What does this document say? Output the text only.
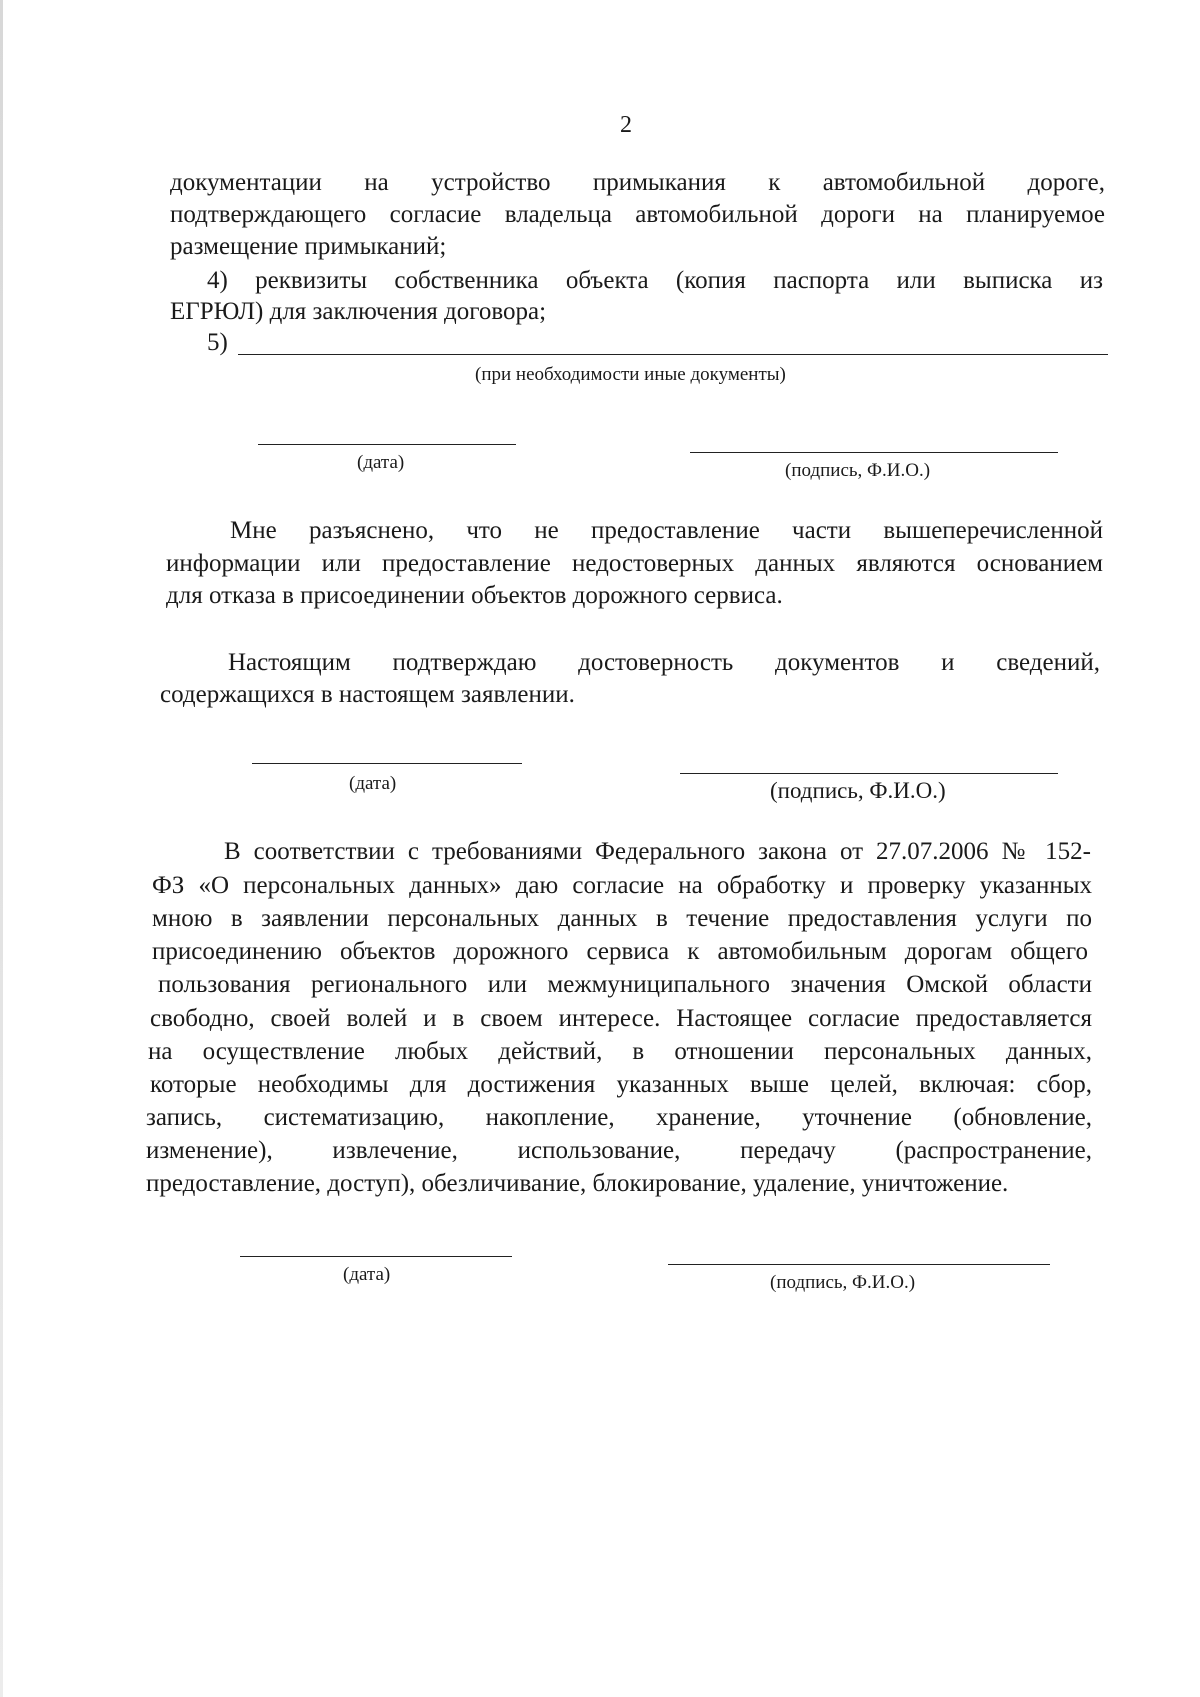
2
документации на устройство примыкания к автомобильной дороге,
подтверждающего согласие владельца автомобильной дороги на планируемое
размещение примыканий;
4) реквизиты собственника объекта (копия паспорта или выписка из
ЕГРЮЛ) для заключения договора;
5)
(при необходимости иные документы)
(дата)	(подпись, Ф.И.О.)
Мне разъяснено, что не предоставление части вышеперечисленной
информации или предоставление недостоверных данных являются основанием
для отказа в присоединении объектов дорожного сервиса.
Настоящим подтверждаю достоверность документов и сведений,
содержащихся в настоящем заявлении.
(дата)	(подпись, Ф.И.О.)
В соответствии с требованиями Федерального закона от 27.07.2006 № 152-
ФЗ «О персональных данных» даю согласие на обработку и проверку указанных
мною в заявлении персональных данных в течение предоставления услуги по
присоединению объектов дорожного сервиса к автомобильным дорогам общего
пользования регионального или межмуниципального значения Омской области
свободно, своей волей и в своем интересе. Настоящее согласие предоставляется
на осуществление любых действий, в отношении персональных данных,
которые необходимы для достижения указанных выше целей, включая: сбор,
запись, систематизацию, накопление, хранение, уточнение (обновление,
изменение), извлечение, использование, передачу (распространение,
предоставление, доступ), обезличивание, блокирование, удаление, уничтожение.
(дата)	(подпись, Ф.И.О.)
